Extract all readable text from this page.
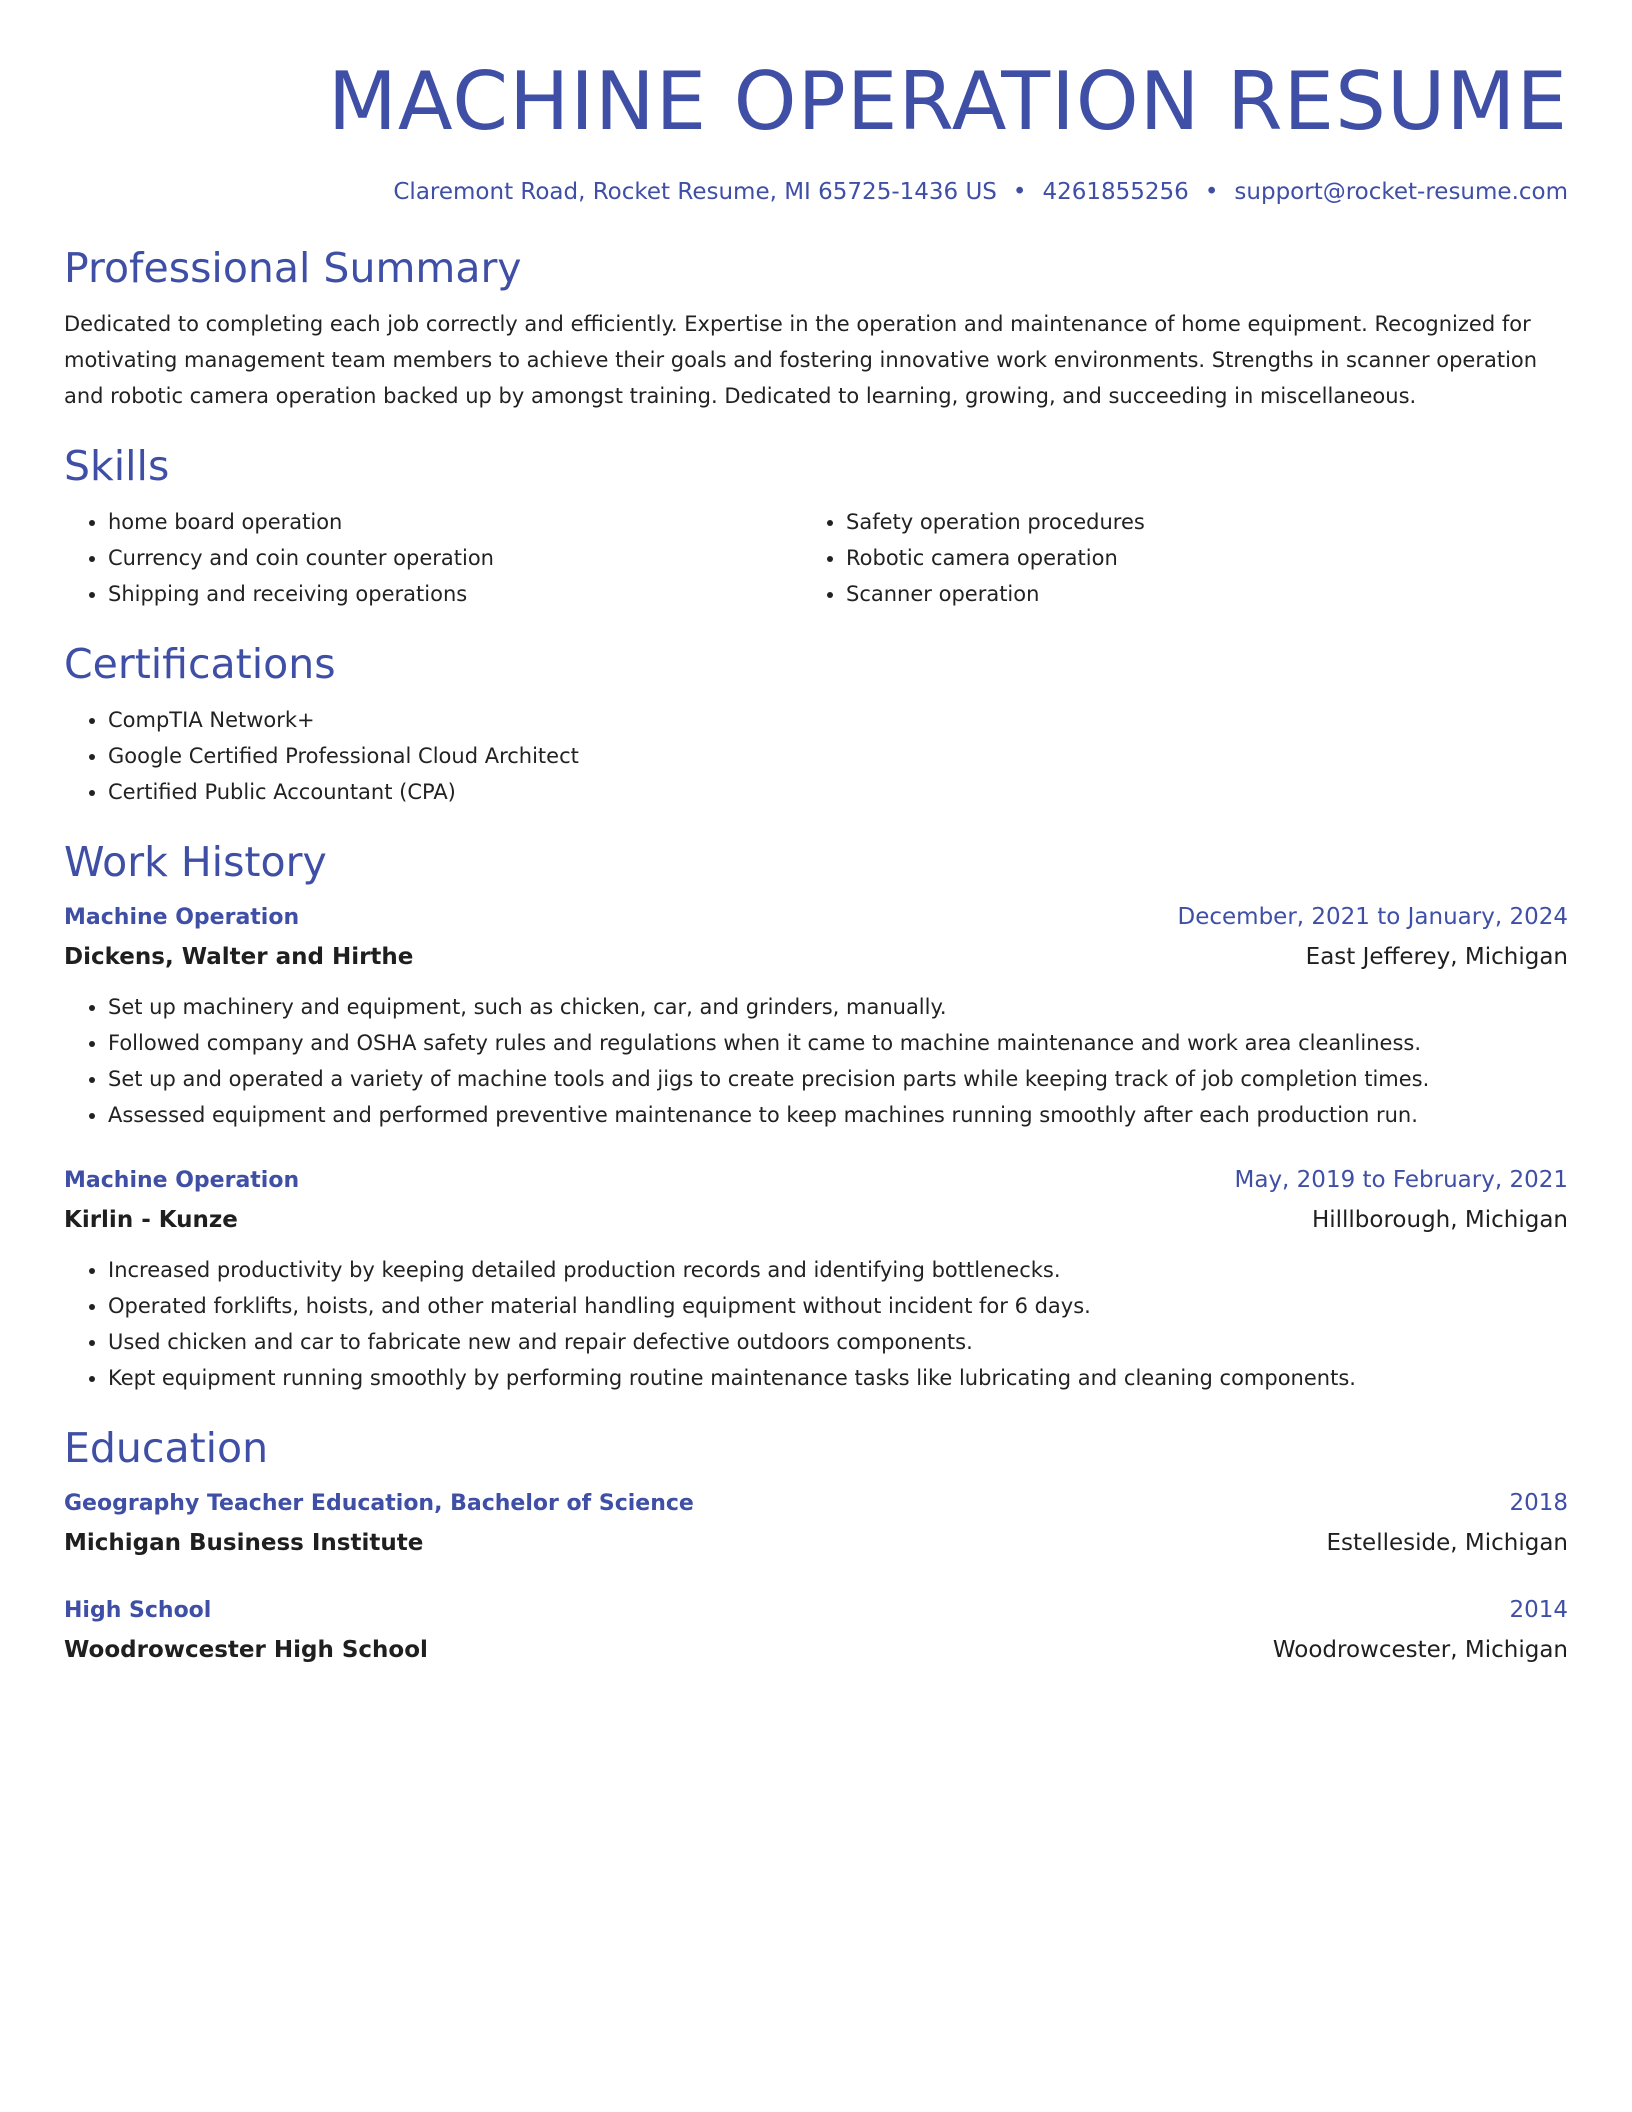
MACHINE OPERATION RESUME
Claremont Road, Rocket Resume, MI 65725-1436 US • 4261855256 • support@rocket-resume.com
Professional Summary

Dedicated to completing each job correctly and efficiently. Expertise in the operation and maintenance of home equipment. Recognized for motivating management team members to achieve their goals and fostering innovative work environments. Strengths in scanner operation and robotic camera operation backed up by amongst training. Dedicated to learning, growing, and succeeding in miscellaneous.

Skills
• home board operation
• Currency and coin counter operation
• Shipping and receiving operations
• Safety operation procedures
• Robotic camera operation
• Scanner operation
Certifications
• CompTIA Network+
• Google Certified Professional Cloud Architect
• Certified Public Accountant (CPA)
Work History
Machine Operation	December, 2021 to January, 2024
Dickens, Walter and Hirthe	East Jefferey, Michigan
• Set up machinery and equipment, such as chicken, car, and grinders, manually.
• Followed company and OSHA safety rules and regulations when it came to machine maintenance and work area cleanliness.
• Set up and operated a variety of machine tools and jigs to create precision parts while keeping track of job completion times.
• Assessed equipment and performed preventive maintenance to keep machines running smoothly after each production run.
Machine Operation	May, 2019 to February, 2021
Kirlin - Kunze	Hilllborough, Michigan
• Increased productivity by keeping detailed production records and identifying bottlenecks.
• Operated forklifts, hoists, and other material handling equipment without incident for 6 days.
• Used chicken and car to fabricate new and repair defective outdoors components.
• Kept equipment running smoothly by performing routine maintenance tasks like lubricating and cleaning components.
Education
Geography Teacher Education, Bachelor of Science	2018
Michigan Business Institute	Estelleside, Michigan
High School	2014
Woodrowcester High School	Woodrowcester, Michigan
